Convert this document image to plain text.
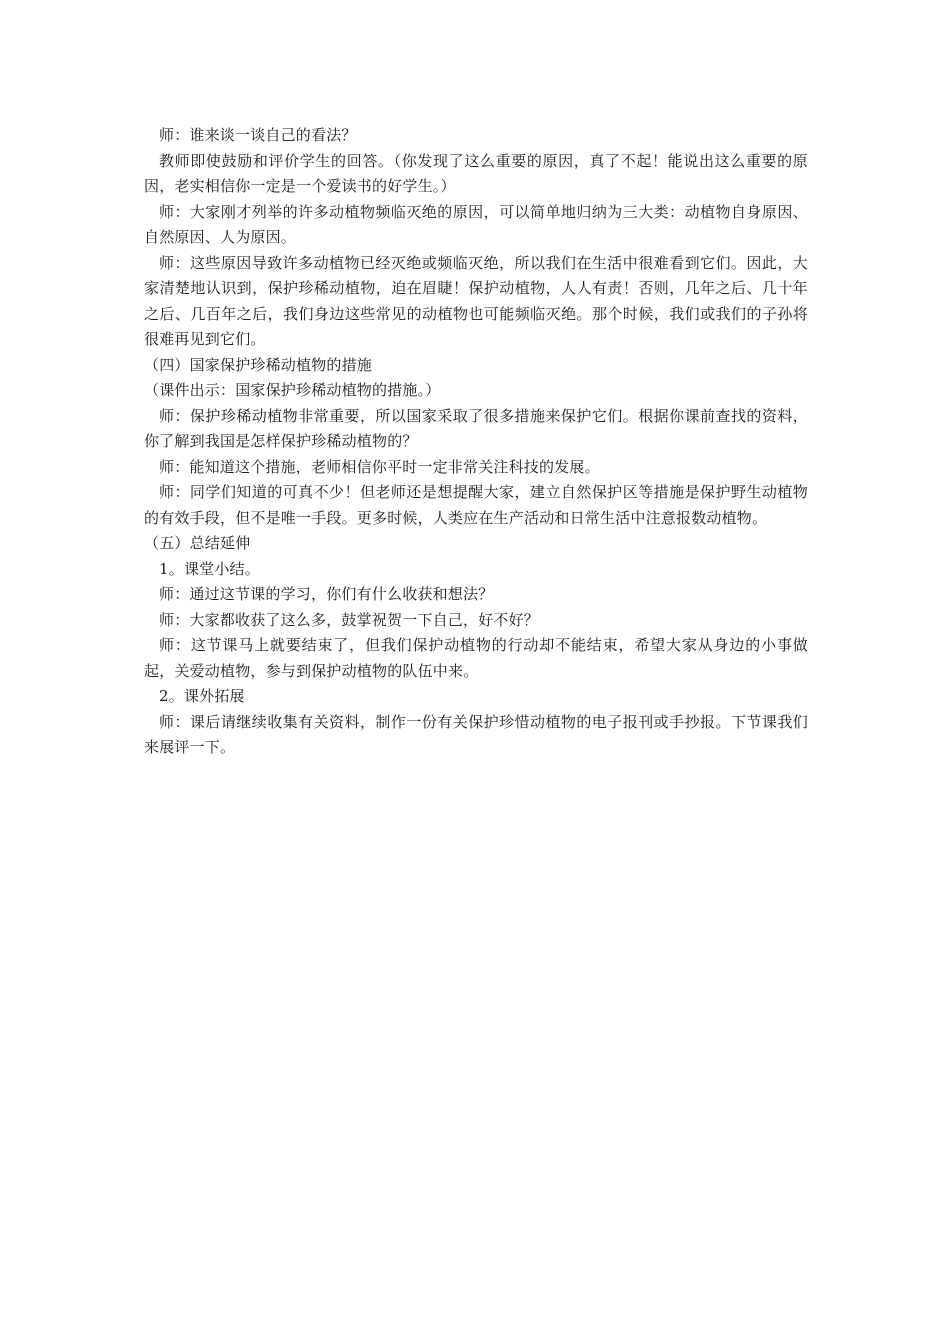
师：谁来谈一谈自己的看法？

教师即使鼓励和评价学生的回答。（你发现了这么重要的原因，真了不起！能说出这么重要的原因，老实相信你一定是一个爱读书的好学生。）

师：大家刚才列举的许多动植物频临灭绝的原因，可以简单地归纳为三大类：动植物自身原因、自然原因、人为原因。

师：这些原因导致许多动植物已经灭绝或频临灭绝，所以我们在生活中很难看到它们。因此，大家清楚地认识到，保护珍稀动植物，迫在眉睫！保护动植物，人人有责！否则，几年之后、几十年之后、几百年之后，我们身边这些常见的动植物也可能频临灭绝。那个时候，我们或我们的子孙将很难再见到它们。

（四）国家保护珍稀动植物的措施

（课件出示：国家保护珍稀动植物的措施。）

师：保护珍稀动植物非常重要，所以国家采取了很多措施来保护它们。根据你课前查找的资料，你了解到我国是怎样保护珍稀动植物的？

师：能知道这个措施，老师相信你平时一定非常关注科技的发展。

师：同学们知道的可真不少！但老师还是想提醒大家，建立自然保护区等措施是保护野生动植物的有效手段，但不是唯一手段。更多时候，人类应在生产活动和日常生活中注意报数动植物。

（五）总结延伸

1。课堂小结。

师：通过这节课的学习，你们有什么收获和想法？

师：大家都收获了这么多，鼓掌祝贺一下自己，好不好？

师：这节课马上就要结束了，但我们保护动植物的行动却不能结束，希望大家从身边的小事做起，关爱动植物，参与到保护动植物的队伍中来。

2。课外拓展

师：课后请继续收集有关资料，制作一份有关保护珍惜动植物的电子报刊或手抄报。下节课我们来展评一下。
